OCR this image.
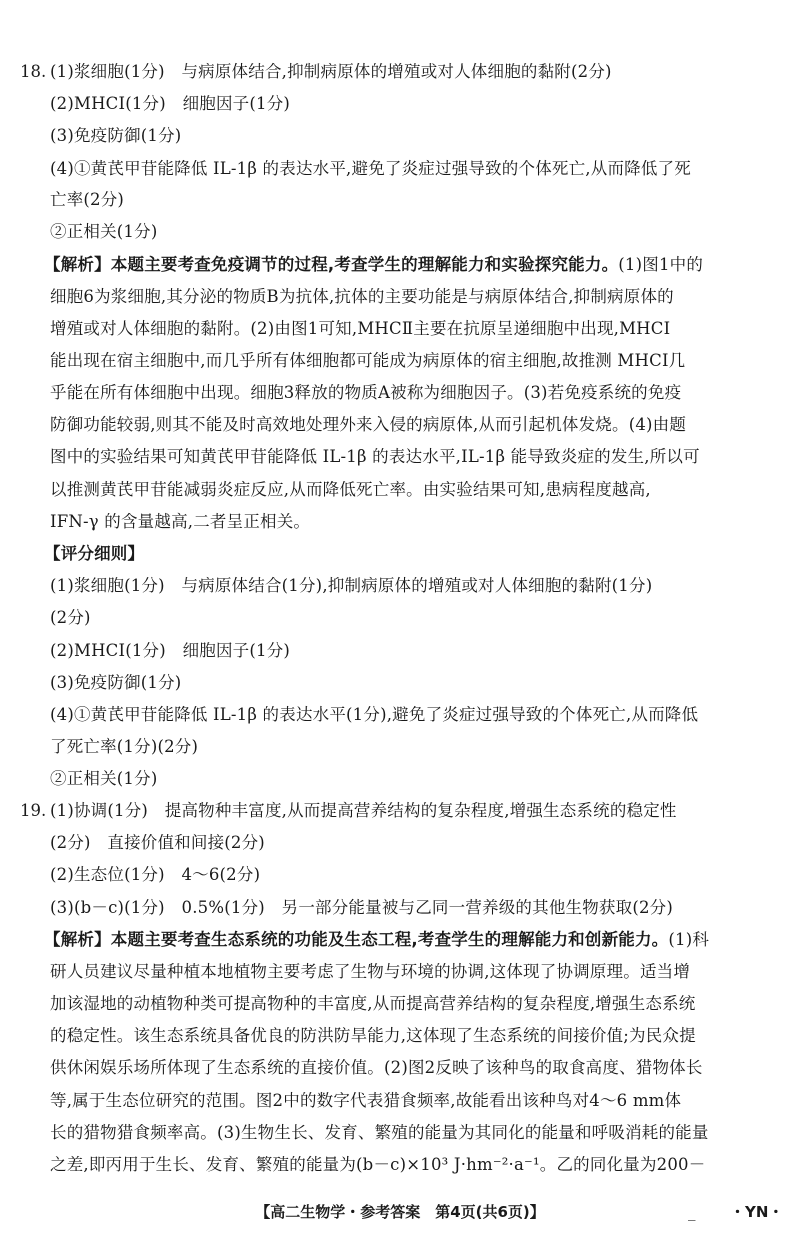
18. (1)浆细胞(1分)　与病原体结合,抑制病原体的增殖或对人体细胞的黏附(2分)
(2)MHCⅠ(1分)　细胞因子(1分)
(3)免疫防御(1分)
(4)①黄芪甲苷能降低 IL-1β 的表达水平,避免了炎症过强导致的个体死亡,从而降低了死
亡率(2分)
②正相关(1分)
【解析】本题主要考查免疫调节的过程,考查学生的理解能力和实验探究能力。(1)图1中的
细胞6为浆细胞,其分泌的物质B为抗体,抗体的主要功能是与病原体结合,抑制病原体的
增殖或对人体细胞的黏附。(2)由图1可知,MHCⅡ主要在抗原呈递细胞中出现,MHCⅠ
能出现在宿主细胞中,而几乎所有体细胞都可能成为病原体的宿主细胞,故推测 MHCⅠ几
乎能在所有体细胞中出现。细胞3释放的物质A被称为细胞因子。(3)若免疫系统的免疫
防御功能较弱,则其不能及时高效地处理外来入侵的病原体,从而引起机体发烧。(4)由题
图中的实验结果可知黄芪甲苷能降低 IL-1β 的表达水平,IL-1β 能导致炎症的发生,所以可
以推测黄芪甲苷能减弱炎症反应,从而降低死亡率。由实验结果可知,患病程度越高,
IFN-γ 的含量越高,二者呈正相关。
【评分细则】
(1)浆细胞(1分)　与病原体结合(1分),抑制病原体的增殖或对人体细胞的黏附(1分)
(2分)
(2)MHCⅠ(1分)　细胞因子(1分)
(3)免疫防御(1分)
(4)①黄芪甲苷能降低 IL-1β 的表达水平(1分),避免了炎症过强导致的个体死亡,从而降低
了死亡率(1分)(2分)
②正相关(1分)
19. (1)协调(1分)　提高物种丰富度,从而提高营养结构的复杂程度,增强生态系统的稳定性
(2分)　直接价值和间接(2分)
(2)生态位(1分)　4～6(2分)
(3)(b－c)(1分)　0.5%(1分)　另一部分能量被与乙同一营养级的其他生物获取(2分)
【解析】本题主要考查生态系统的功能及生态工程,考查学生的理解能力和创新能力。(1)科
研人员建议尽量种植本地植物主要考虑了生物与环境的协调,这体现了协调原理。适当增
加该湿地的动植物种类可提高物种的丰富度,从而提高营养结构的复杂程度,增强生态系统
的稳定性。该生态系统具备优良的防洪防旱能力,这体现了生态系统的间接价值;为民众提
供休闲娱乐场所体现了生态系统的直接价值。(2)图2反映了该种鸟的取食高度、猎物体长
等,属于生态位研究的范围。图2中的数字代表猎食频率,故能看出该种鸟对4～6 mm体
长的猎物猎食频率高。(3)生物生长、发育、繁殖的能量为其同化的能量和呼吸消耗的能量
之差,即丙用于生长、发育、繁殖的能量为(b－c)×10³ J·hm⁻²·a⁻¹。乙的同化量为200－
【高二生物学・参考答案　第4页(共6页)】	_ ・YN・
